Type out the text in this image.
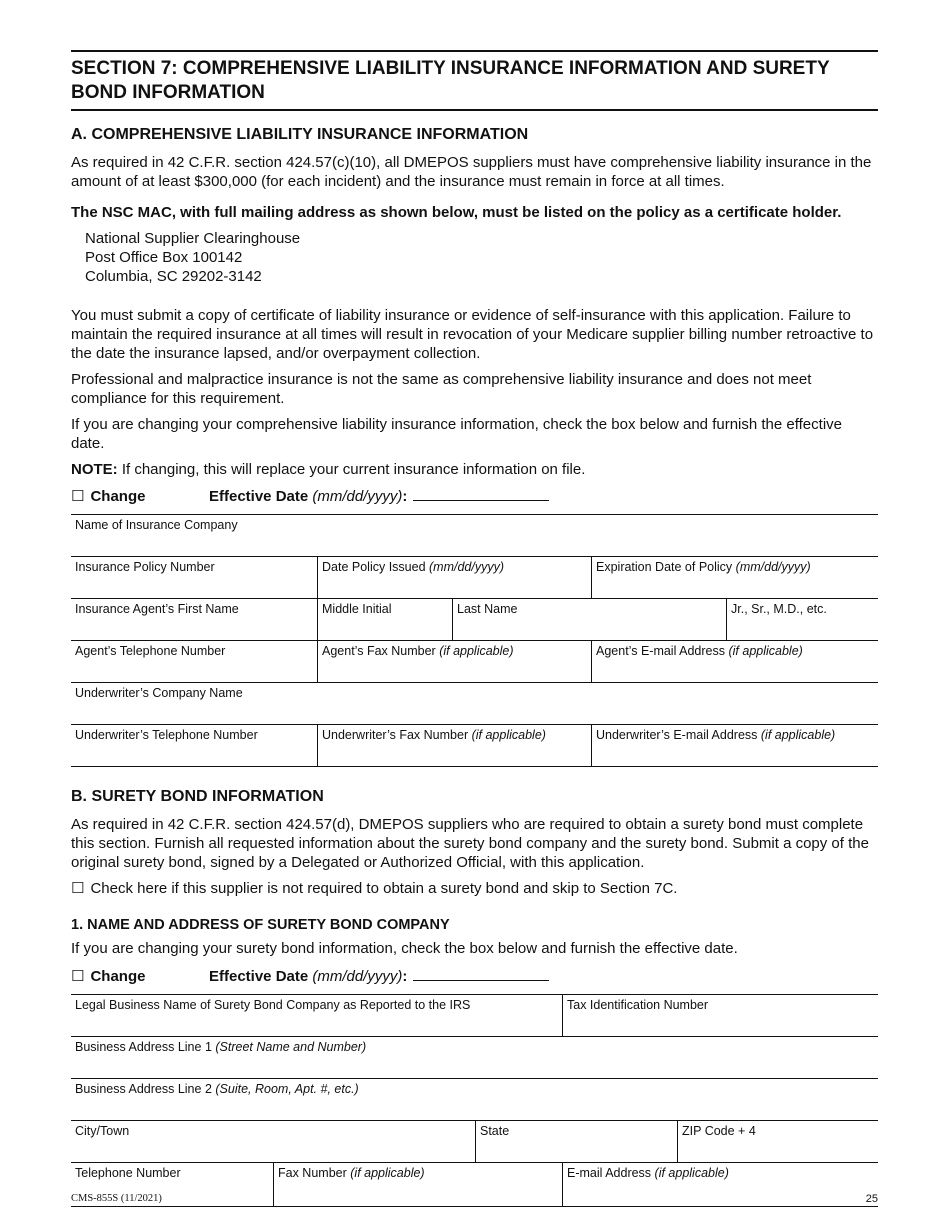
SECTION 7: COMPREHENSIVE LIABILITY INSURANCE INFORMATION AND SURETY BOND INFORMATION
A. COMPREHENSIVE LIABILITY INSURANCE INFORMATION

As required in 42 C.F.R. section 424.57(c)(10), all DMEPOS suppliers must have comprehensive liability insurance in the amount of at least $300,000 (for each incident) and the insurance must remain in force at all times.

The NSC MAC, with full mailing address as shown below, must be listed on the policy as a certificate holder.

National Supplier Clearinghouse
Post Office Box 100142
Columbia, SC 29202-3142

You must submit a copy of certificate of liability insurance or evidence of self-insurance with this application. Failure to maintain the required insurance at all times will result in revocation of your Medicare supplier billing number retroactive to the date the insurance lapsed, and/or overpayment collection.

Professional and malpractice insurance is not the same as comprehensive liability insurance and does not meet compliance for this requirement.

If you are changing your comprehensive liability insurance information, check the box below and furnish the effective date.

NOTE: If changing, this will replace your current insurance information on file.

☐ Change	Effective Date (mm/dd/yyyy):
Name of Insurance Company
Insurance Policy Number	Date Policy Issued (mm/dd/yyyy)	Expiration Date of Policy (mm/dd/yyyy)
Insurance Agent’s First Name	Middle Initial	Last Name	Jr., Sr., M.D., etc.
Agent’s Telephone Number	Agent’s Fax Number (if applicable)	Agent’s E-mail Address (if applicable)
Underwriter’s Company Name
Underwriter’s Telephone Number	Underwriter’s Fax Number (if applicable)	Underwriter’s E-mail Address (if applicable)
B. SURETY BOND INFORMATION

As required in 42 C.F.R. section 424.57(d), DMEPOS suppliers who are required to obtain a surety bond must complete this section. Furnish all requested information about the surety bond company and the surety bond. Submit a copy of the original surety bond, signed by a Delegated or Authorized Official, with this application.

☐ Check here if this supplier is not required to obtain a surety bond and skip to Section 7C.
1. NAME AND ADDRESS OF SURETY BOND COMPANY

If you are changing your surety bond information, check the box below and furnish the effective date.

☐ Change	Effective Date (mm/dd/yyyy):
Legal Business Name of Surety Bond Company as Reported to the IRS	Tax Identification Number
Business Address Line 1 (Street Name and Number)
Business Address Line 2 (Suite, Room, Apt. #, etc.)
City/Town	State	ZIP Code + 4
Telephone Number	Fax Number (if applicable)	E-mail Address (if applicable)
CMS-855S (11/2021)	25
